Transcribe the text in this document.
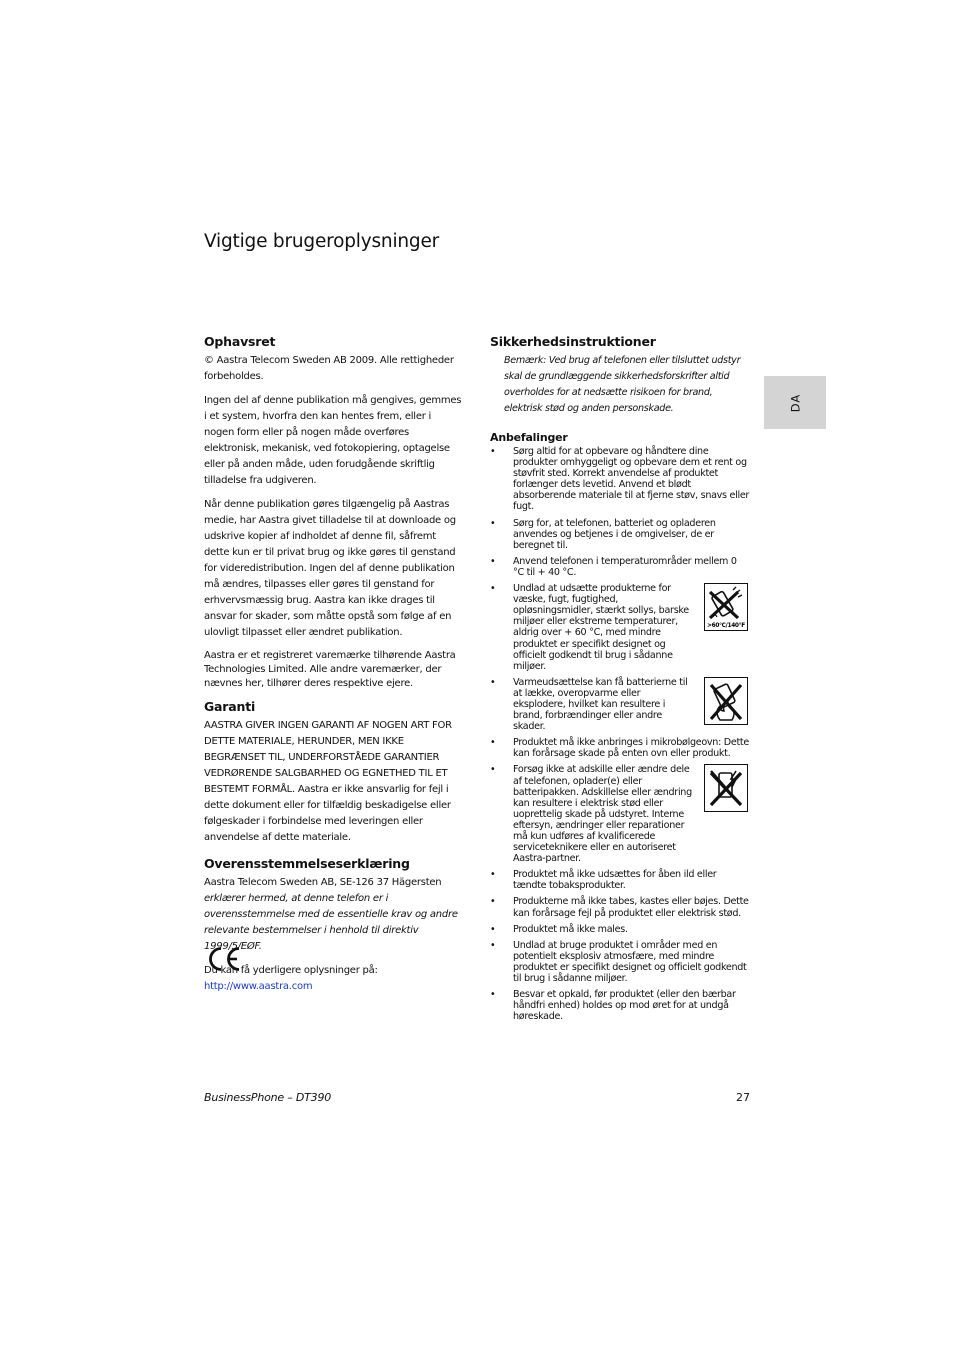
Vigtige brugeroplysninger
DA
Ophavsret

© Aastra Telecom Sweden AB 2009. Alle rettigheder forbeholdes.

Ingen del af denne publikation må gengives, gemmes i et system, hvorfra den kan hentes frem, eller i nogen form eller på nogen måde overføres elektronisk, mekanisk, ved fotokopiering, optagelse eller på anden måde, uden forudgående skriftlig tilladelse fra udgiveren.

Når denne publikation gøres tilgængelig på Aastras medie, har Aastra givet tilladelse til at downloade og udskrive kopier af indholdet af denne fil, såfremt dette kun er til privat brug og ikke gøres til genstand for videredistribution. Ingen del af denne publikation må ændres, tilpasses eller gøres til genstand for erhvervsmæssig brug. Aastra kan ikke drages til ansvar for skader, som måtte opstå som følge af en ulovligt tilpasset eller ændret publikation.

Aastra er et registreret varemærke tilhørende Aastra Technologies Limited. Alle andre varemærker, der nævnes her, tilhører deres respektive ejere.

Garanti

AASTRA GIVER INGEN GARANTI AF NOGEN ART FOR DETTE MATERIALE, HERUNDER, MEN IKKE BEGRÆNSET TIL, UNDERFORSTÅEDE GARANTIER VEDRØRENDE SALGBARHED OG EGNETHED TIL ET BESTEMT FORMÅL. Aastra er ikke ansvarlig for fejl i dette dokument eller for tilfældig beskadigelse eller følgeskader i forbindelse med leveringen eller anvendelse af dette materiale.

Overensstemmelseserklæring

Aastra Telecom Sweden AB, SE-126 37 Hägersten

erklærer hermed, at denne telefon er i overensstemmelse med de essentielle krav og andre relevante bestemmelser i henhold til direktiv 1999/5/EØF.

Du kan få yderligere oplysninger på:

http://www.aastra.com

Sikkerhedsinstruktioner

Bemærk: Ved brug af telefonen eller tilsluttet udstyr skal de grundlæggende sikkerhedsforskrifter altid overholdes for at nedsætte risikoen for brand, elektrisk stød og anden personskade.

Anbefalinger
• Sørg altid for at opbevare og håndtere dine produkter omhyggeligt og opbevare dem et rent og støvfrit sted. Korrekt anvendelse af produktet forlænger dets levetid. Anvend et blødt absorberende materiale til at fjerne støv, snavs eller fugt.
• Sørg for, at telefonen, batteriet og opladeren anvendes og betjenes i de omgivelser, de er beregnet til.
• Anvend telefonen i temperaturområder mellem 0 °C til + 40 °C.
• Undlad at udsætte produkterne for væske, fugt, fugtighed, opløsningsmidler, stærkt sollys, barske miljøer eller ekstreme temperaturer, aldrig over + 60 °C, med mindre produktet er specifikt designet og officielt godkendt til brug i sådanne miljøer.
>60°C/140°F
• Varmeudsættelse kan få batterierne til at lække, overopvarme eller eksplodere, hvilket kan resultere i brand, forbrændinger eller andre skader.
• Produktet må ikke anbringes i mikrobølgeovn: Dette kan forårsage skade på enten ovn eller produkt.
• Forsøg ikke at adskille eller ændre dele af telefonen, oplader(e) eller batteripakken. Adskillelse eller ændring kan resultere i elektrisk stød eller uoprettelig skade på udstyret. Interne eftersyn, ændringer eller reparationer må kun udføres af kvalificerede serviceteknikere eller en autoriseret Aastra-partner.
• Produktet må ikke udsættes for åben ild eller tændte tobaksprodukter.
• Produkterne må ikke tabes, kastes eller bøjes. Dette kan forårsage fejl på produktet eller elektrisk stød.
• Produktet må ikke males.
• Undlad at bruge produktet i områder med en potentielt eksplosiv atmosfære, med mindre produktet er specifikt designet og officielt godkendt til brug i sådanne miljøer.
• Besvar et opkald, før produktet (eller den bærbar håndfri enhed) holdes op mod øret for at undgå høreskade.
BusinessPhone – DT390	27
